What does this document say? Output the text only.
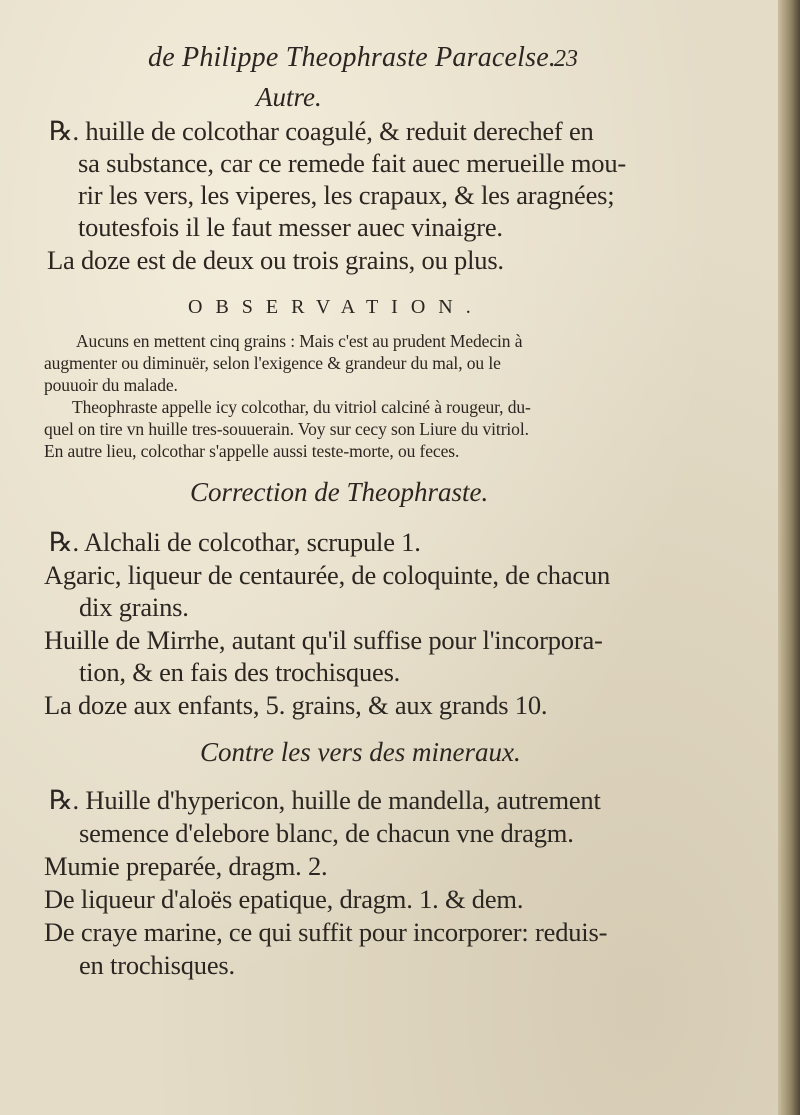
de Philippe Theophraste Paracelse.
23
Autre.
℞. huille de colcothar coagulé, & reduit derechef en
sa substance, car ce remede fait auec merueille mou-
rir les vers, les viperes, les crapaux, & les aragnées;
toutesfois il le faut messer auec vinaigre.
La doze est de deux ou trois grains, ou plus.
OBSERVATION.
Aucuns en mettent cinq grains : Mais c'est au prudent Medecin à
augmenter ou diminuër, selon l'exigence & grandeur du mal, ou le
pouuoir du malade.
Theophraste appelle icy colcothar, du vitriol calciné à rougeur, du-
quel on tire vn huille tres-souuerain. Voy sur cecy son Liure du vitriol.
En autre lieu, colcothar s'appelle aussi teste-morte, ou feces.
Correction de Theophraste.
℞. Alchali de colcothar, scrupule 1.
Agaric, liqueur de centaurée, de coloquinte, de chacun
dix grains.
Huille de Mirrhe, autant qu'il suffise pour l'incorpora-
tion, & en fais des trochisques.
La doze aux enfants, 5. grains, & aux grands 10.
Contre les vers des mineraux.
℞. Huille d'hypericon, huille de mandella, autrement
semence d'elebore blanc, de chacun vne dragm.
Mumie preparée, dragm. 2.
De liqueur d'aloës epatique, dragm. 1. & dem.
De craye marine, ce qui suffit pour incorporer: reduis-
en trochisques.
